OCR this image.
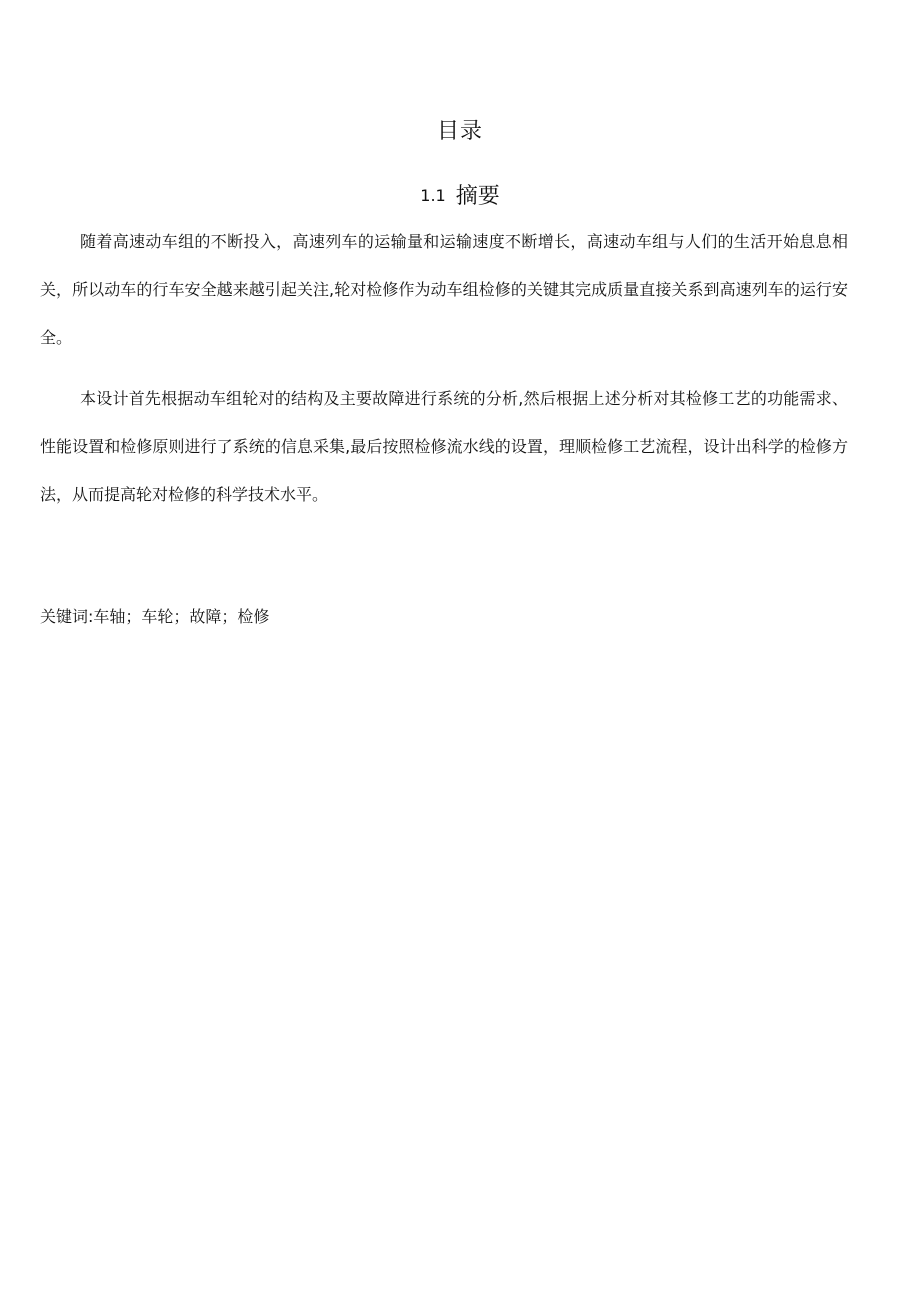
目录
1.1 摘要

随着高速动车组的不断投入，高速列车的运输量和运输速度不断增长，高速动车组与人们的生活开始息息相关，所以动车的行车安全越来越引起关注,轮对检修作为动车组检修的关键其完成质量直接关系到高速列车的运行安全。

本设计首先根据动车组轮对的结构及主要故障进行系统的分析,然后根据上述分析对其检修工艺的功能需求、性能设置和检修原则进行了系统的信息采集,最后按照检修流水线的设置，理顺检修工艺流程，设计出科学的检修方法，从而提高轮对检修的科学技术水平。

关键词:车轴；车轮；故障；检修
